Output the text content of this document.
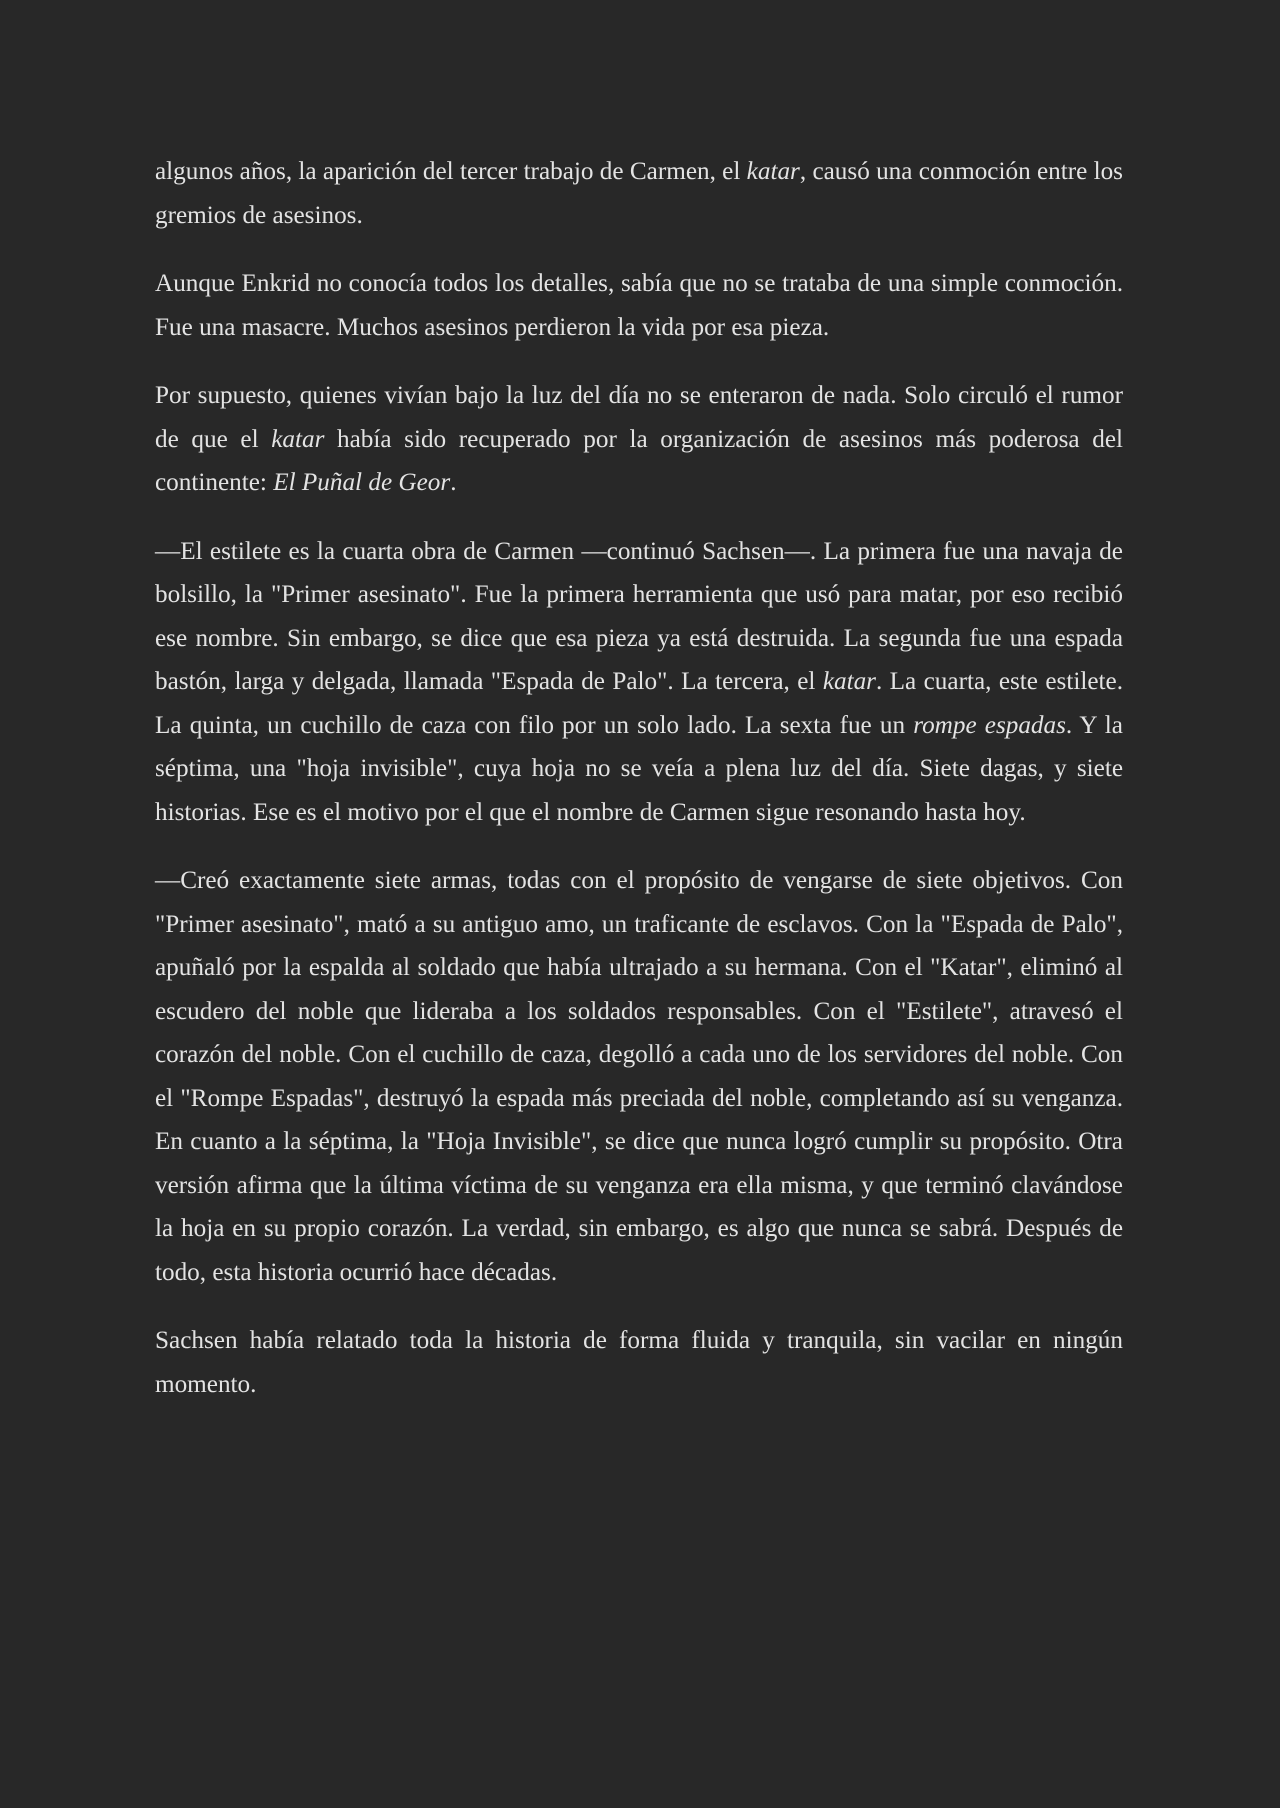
algunos años, la aparición del tercer trabajo de Carmen, el katar, causó una conmoción entre los gremios de asesinos.

Aunque Enkrid no conocía todos los detalles, sabía que no se trataba de una simple conmoción. Fue una masacre. Muchos asesinos perdieron la vida por esa pieza.

Por supuesto, quienes vivían bajo la luz del día no se enteraron de nada. Solo circuló el rumor de que el katar había sido recuperado por la organización de asesinos más poderosa del continente: El Puñal de Geor.

—El estilete es la cuarta obra de Carmen —continuó Sachsen—. La primera fue una navaja de bolsillo, la "Primer asesinato". Fue la primera herramienta que usó para matar, por eso recibió ese nombre. Sin embargo, se dice que esa pieza ya está destruida. La segunda fue una espada bastón, larga y delgada, llamada "Espada de Palo". La tercera, el katar. La cuarta, este estilete. La quinta, un cuchillo de caza con filo por un solo lado. La sexta fue un rompe espadas. Y la séptima, una "hoja invisible", cuya hoja no se veía a plena luz del día. Siete dagas, y siete historias. Ese es el motivo por el que el nombre de Carmen sigue resonando hasta hoy.

—Creó exactamente siete armas, todas con el propósito de vengarse de siete objetivos. Con "Primer asesinato", mató a su antiguo amo, un traficante de esclavos. Con la "Espada de Palo", apuñaló por la espalda al soldado que había ultrajado a su hermana. Con el "Katar", eliminó al escudero del noble que lideraba a los soldados responsables. Con el "Estilete", atravesó el corazón del noble. Con el cuchillo de caza, degolló a cada uno de los servidores del noble. Con el "Rompe Espadas", destruyó la espada más preciada del noble, completando así su venganza. En cuanto a la séptima, la "Hoja Invisible", se dice que nunca logró cumplir su propósito. Otra versión afirma que la última víctima de su venganza era ella misma, y que terminó clavándose la hoja en su propio corazón. La verdad, sin embargo, es algo que nunca se sabrá. Después de todo, esta historia ocurrió hace décadas.

Sachsen había relatado toda la historia de forma fluida y tranquila, sin vacilar en ningún momento.
